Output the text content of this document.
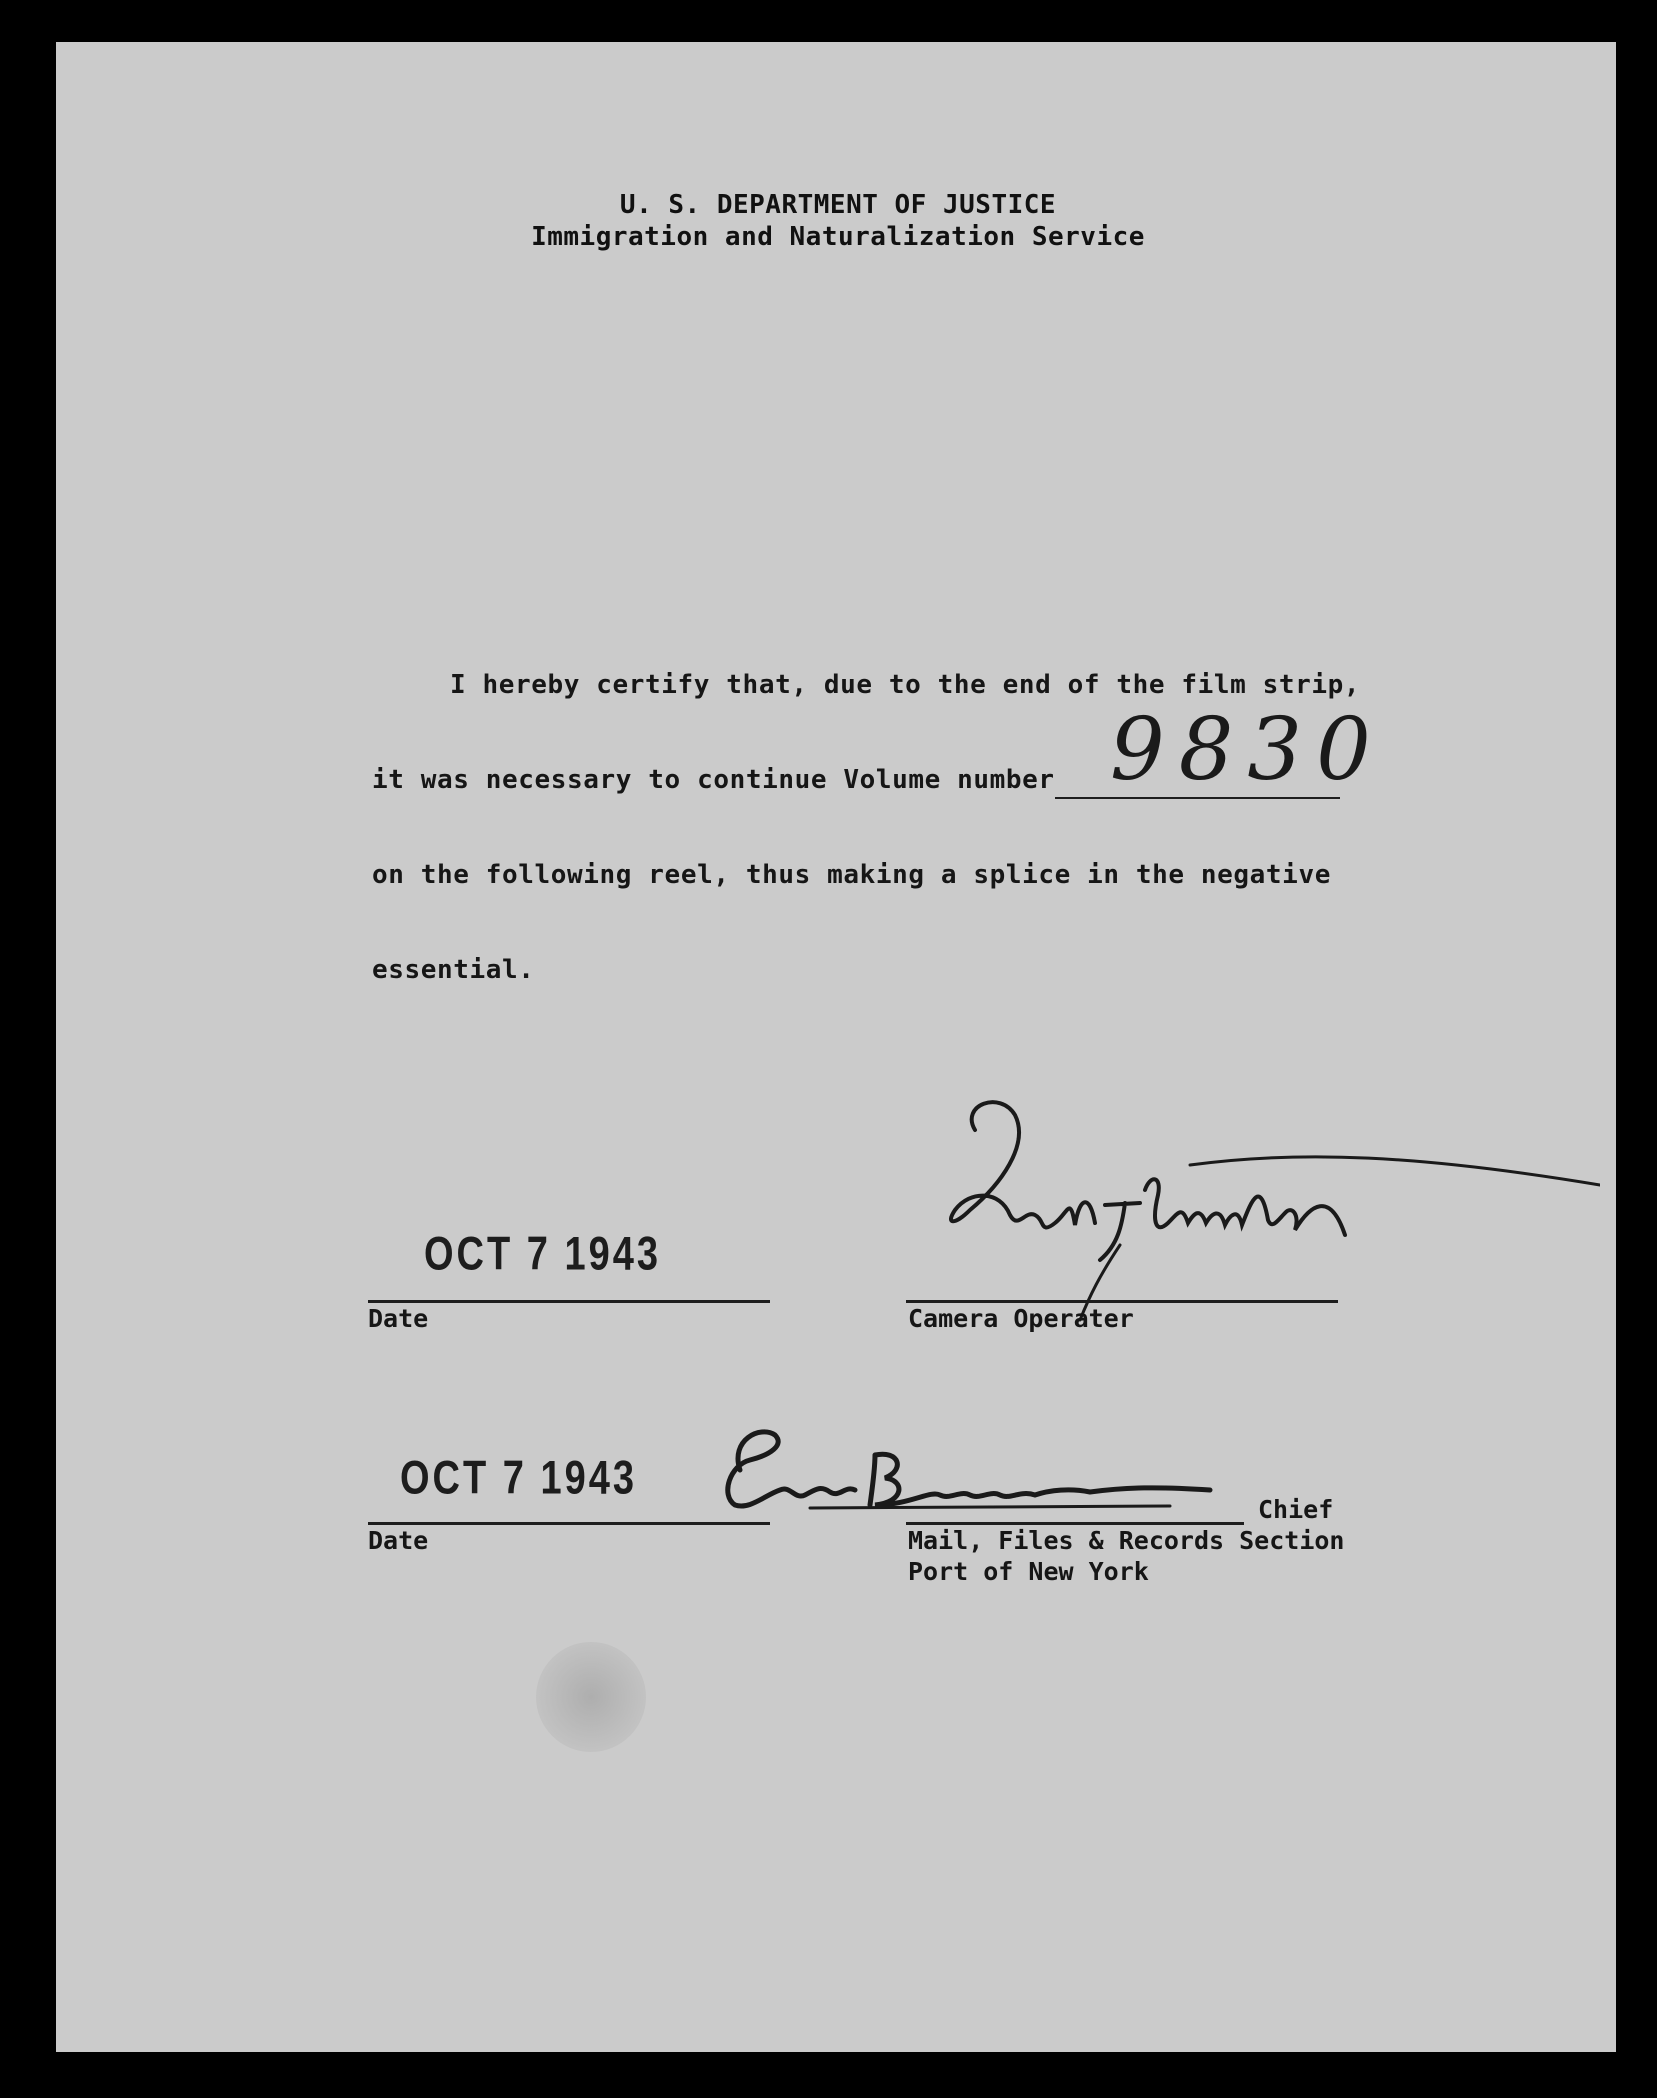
U. S. DEPARTMENT OF JUSTICE
Immigration and Naturalization Service
I hereby certify that, due to the end of the film strip,
it was necessary to continue Volume number 9830
on the following reel, thus making a splice in the negative
essential.
OCT 7 1943
Date	Camera Operater
OCT 7 1943
Date
Chief
Mail, Files & Records Section
Port of New York
